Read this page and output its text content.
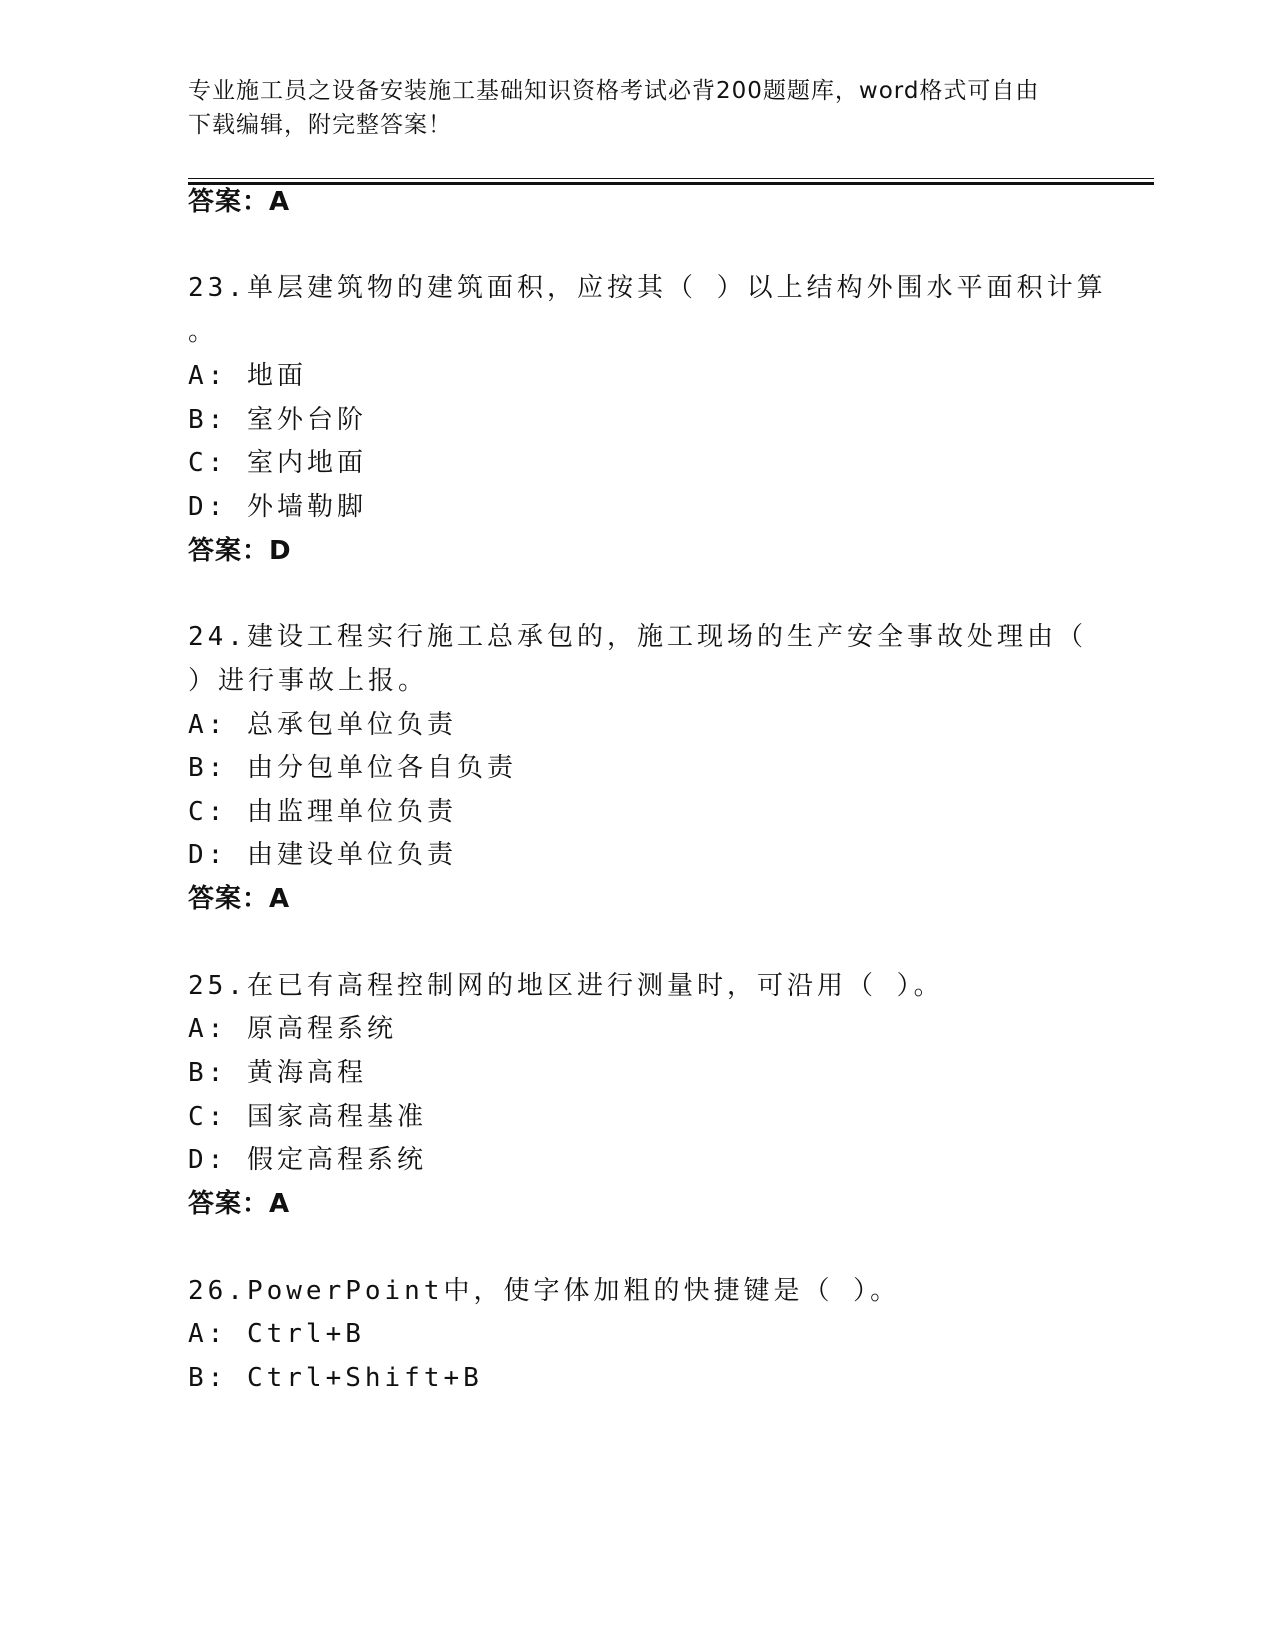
专业施工员之设备安装施工基础知识资格考试必背200题题库，word格式可自由
下载编辑，附完整答案！
答案：A
23.单层建筑物的建筑面积，应按其（ ）以上结构外围水平面积计算
。
A: 地面
B: 室外台阶
C: 室内地面
D: 外墙勒脚
答案：D
24.建设工程实行施工总承包的，施工现场的生产安全事故处理由（
）进行事故上报。
A: 总承包单位负责
B: 由分包单位各自负责
C: 由监理单位负责
D: 由建设单位负责
答案：A
25.在已有高程控制网的地区进行测量时，可沿用（ ）。
A: 原高程系统
B: 黄海高程
C: 国家高程基准
D: 假定高程系统
答案：A
26.PowerPoint中，使字体加粗的快捷键是（ ）。
A: Ctrl+B
B: Ctrl+Shift+B
